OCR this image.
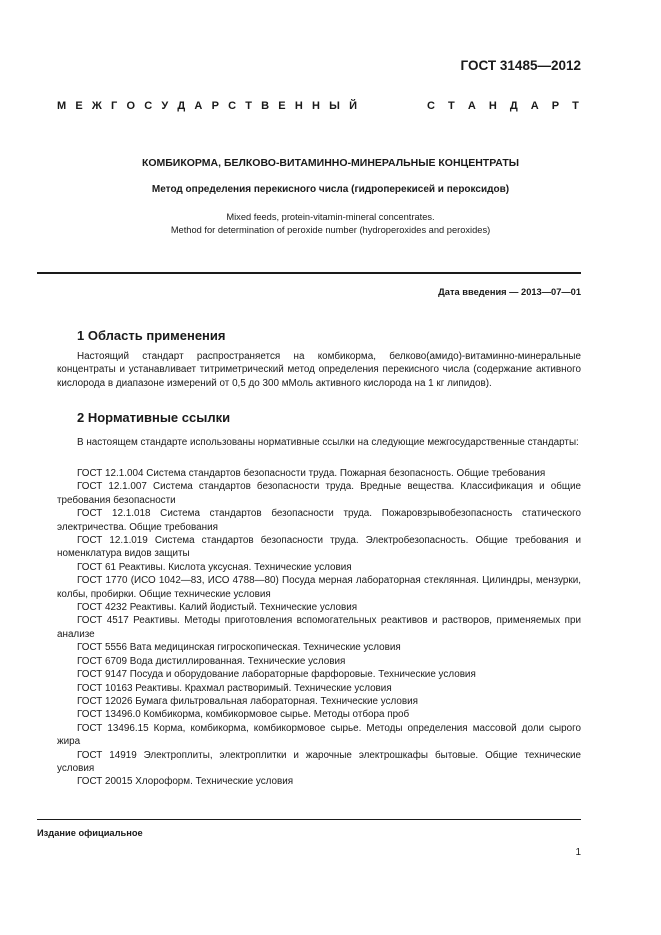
ГОСТ 31485—2012
М Е Ж Г О С У Д А Р С Т В Е Н Н Ы Й	С Т А Н Д А Р Т
КОМБИКОРМА, БЕЛКОВО-ВИТАМИННО-МИНЕРАЛЬНЫЕ КОНЦЕНТРАТЫ
Метод определения перекисного числа (гидроперекисей и пероксидов)
Mixed feeds, protein-vitamin-mineral concentrates.
Method for determination of peroxide number (hydroperoxides and peroxides)
Дата введения — 2013—07—01
1 Область применения
Настоящий стандарт распространяется на комбикорма, белково(амидо)-витаминно-минеральные концентраты и устанавливает титриметрический метод определения перекисного числа (содержание активного кислорода в диапазоне измерений от 0,5 до 300 мМоль активного кислорода на 1 кг липидов).
2 Нормативные ссылки
В настоящем стандарте использованы нормативные ссылки на следующие межгосударственные стандарты:
ГОСТ 12.1.004 Система стандартов безопасности труда. Пожарная безопасность. Общие требования
ГОСТ 12.1.007 Система стандартов безопасности труда. Вредные вещества. Классификация и общие требования безопасности
ГОСТ 12.1.018 Система стандартов безопасности труда. Пожаровзрывобезопасность статического электричества. Общие требования
ГОСТ 12.1.019 Система стандартов безопасности труда. Электробезопасность. Общие требования и номенклатура видов защиты
ГОСТ 61 Реактивы. Кислота уксусная. Технические условия
ГОСТ 1770 (ИСО 1042—83, ИСО 4788—80) Посуда мерная лабораторная стеклянная. Цилиндры, мензурки, колбы, пробирки. Общие технические условия
ГОСТ 4232 Реактивы. Калий йодистый. Технические условия
ГОСТ 4517 Реактивы. Методы приготовления вспомогательных реактивов и растворов, применяемых при анализе
ГОСТ 5556 Вата медицинская гигроскопическая. Технические условия
ГОСТ 6709 Вода дистиллированная. Технические условия
ГОСТ 9147 Посуда и оборудование лабораторные фарфоровые. Технические условия
ГОСТ 10163 Реактивы. Крахмал растворимый. Технические условия
ГОСТ 12026 Бумага фильтровальная лабораторная. Технические условия
ГОСТ 13496.0 Комбикорма, комбикормовое сырье. Методы отбора проб
ГОСТ 13496.15 Корма, комбикорма, комбикормовое сырье. Методы определения массовой доли сырого жира
ГОСТ 14919 Электроплиты, электроплитки и жарочные электрошкафы бытовые. Общие технические условия
ГОСТ 20015 Хлороформ. Технические условия
Издание официальное
1
